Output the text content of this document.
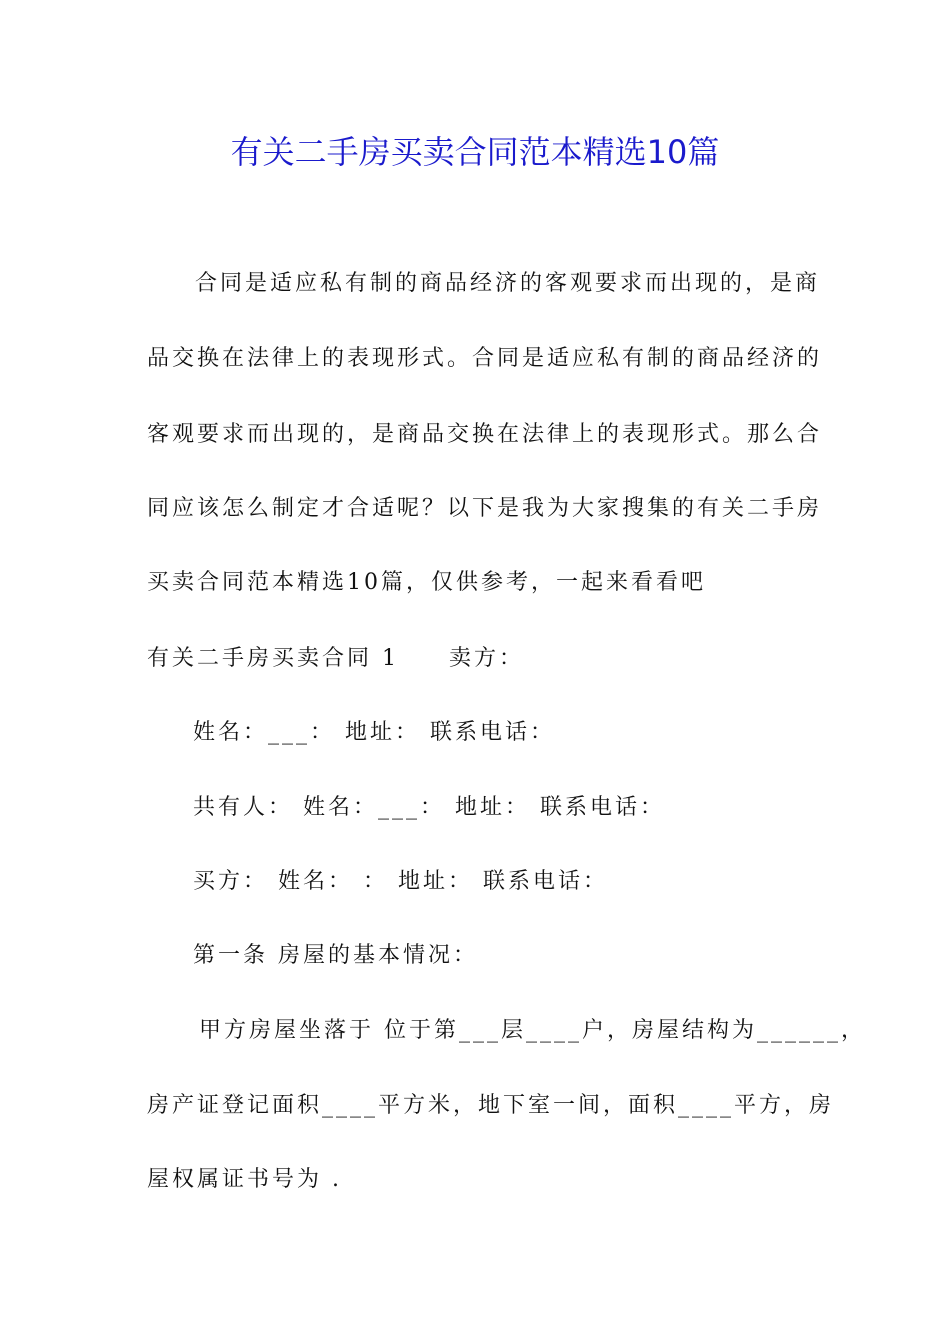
有关二手房买卖合同范本精选10篇

合同是适应私有制的商品经济的客观要求而出现的，是商

品交换在法律上的表现形式。合同是适应私有制的商品经济的

客观要求而出现的，是商品交换在法律上的表现形式。那么合

同应该怎么制定才合适呢？以下是我为大家搜集的有关二手房

买卖合同范本精选10篇，仅供参考，一起来看看吧

有关二手房买卖合同 1　　卖方：

姓名：___： 地址： 联系电话：

共有人： 姓名：___： 地址： 联系电话：

买方： 姓名： ： 地址： 联系电话：

第一条 房屋的基本情况：

甲方房屋坐落于 位于第___层____户，房屋结构为______，

房产证登记面积____平方米，地下室一间，面积____平方，房

屋权属证书号为 .
